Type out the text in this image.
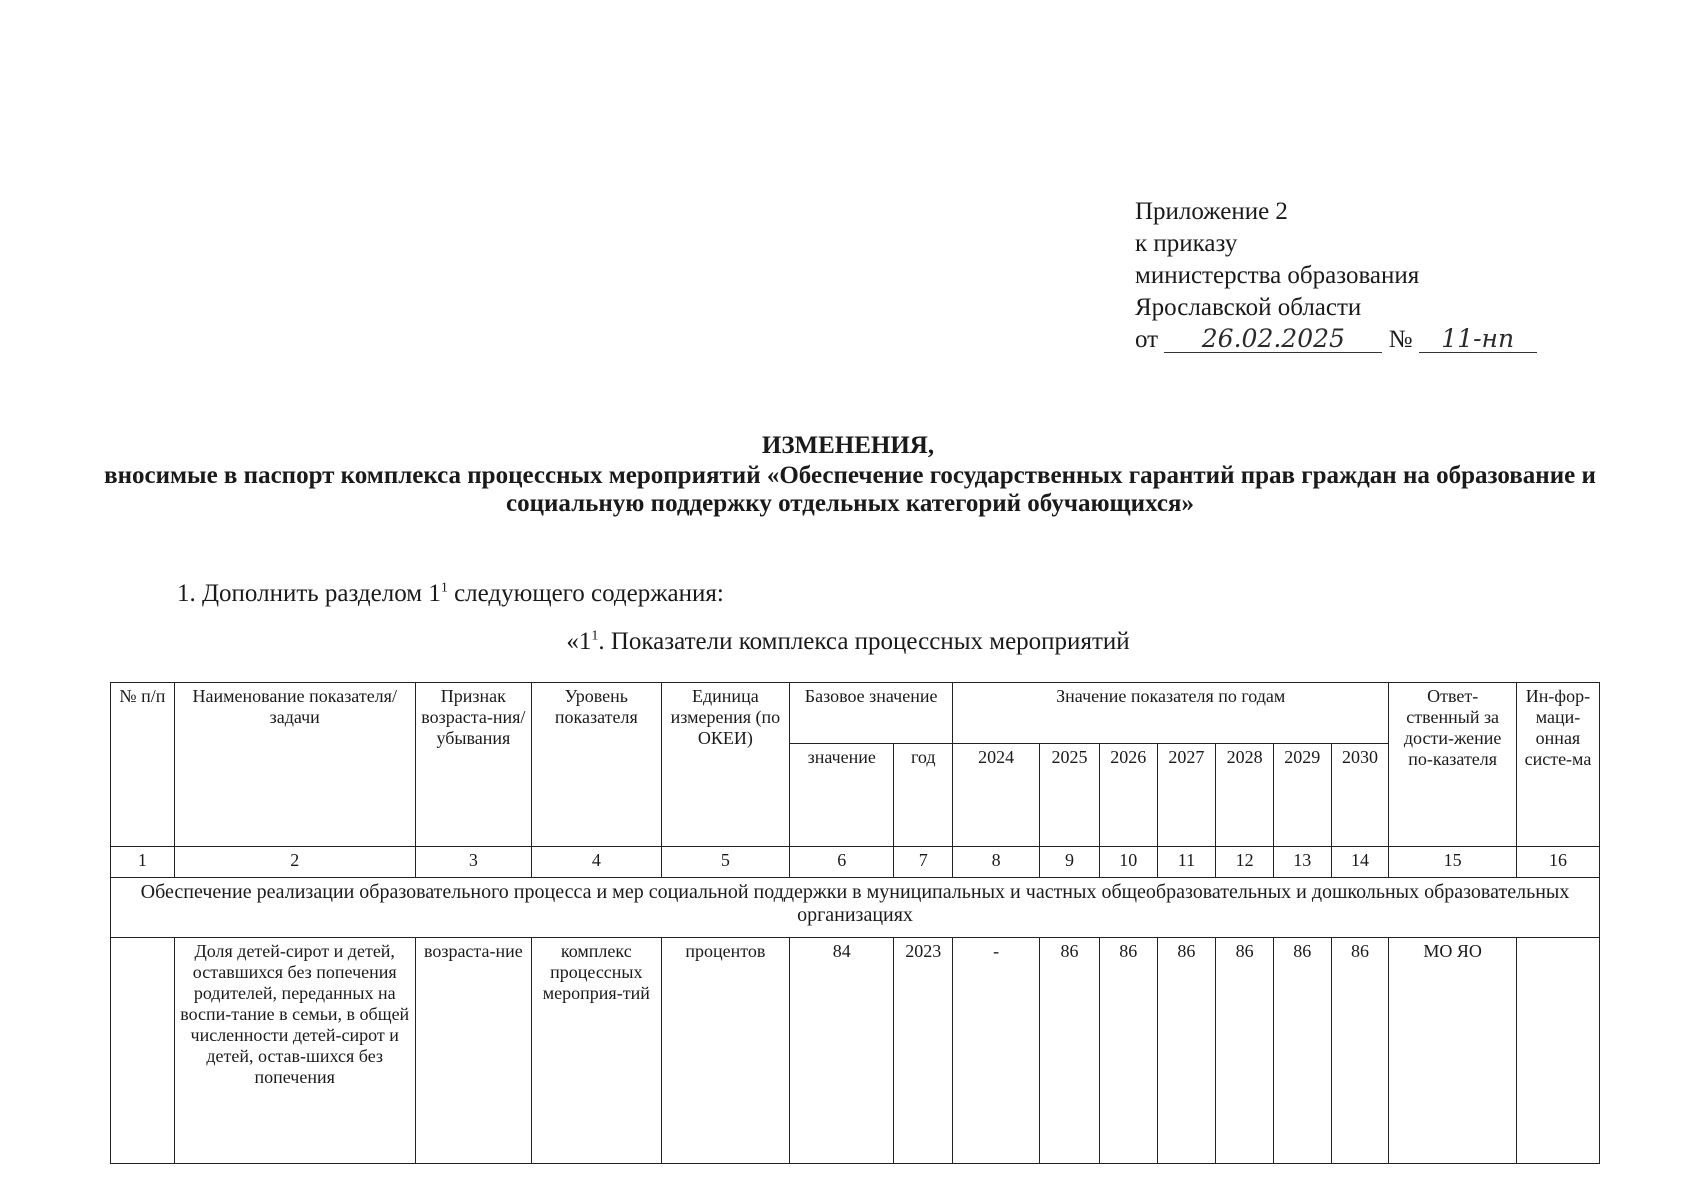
Приложение 2
к приказу
министерства образования
Ярославской области
от 26.02.2025 № 11-нп
ИЗМЕНЕНИЯ,
вносимые в паспорт комплекса процессных мероприятий «Обеспечение государственных гарантий прав граждан на образование и социальную поддержку отдельных категорий обучающихся»
1. Дополнить разделом $1^1$ следующего содержания:
«$1^1$. Показатели комплекса процессных мероприятий
№ п/п	Наименование показателя/задачи	Признак возраста-ния/ убывания	Уровень показателя	Единица измерения (по ОКЕИ)	Базовое значение		Значение показателя по годам							Ответ-ственный за дости-жение по-казателя	Ин-фор-маци-онная систе-ма
					значение	год	2024	2025	2026	2027	2028	2029	2030		
1	2	3	4	5	6	7	8	9	10	11	12	13	14	15	16
Обеспечение реализации образовательного процесса и мер социальной поддержки в муниципальных и частных общеобразовательных и дошкольных образовательных организациях															
	Доля детей-сирот и детей, оставшихся без попечения родителей, переданных на воспи-тание в семьи, в общей численности детей-сирот и детей, остав-шихся без попечения	возраста-ние	комплекс процессных мероприя-тий	процентов	84	2023	-	86	86	86	86	86	86	МО ЯО	
